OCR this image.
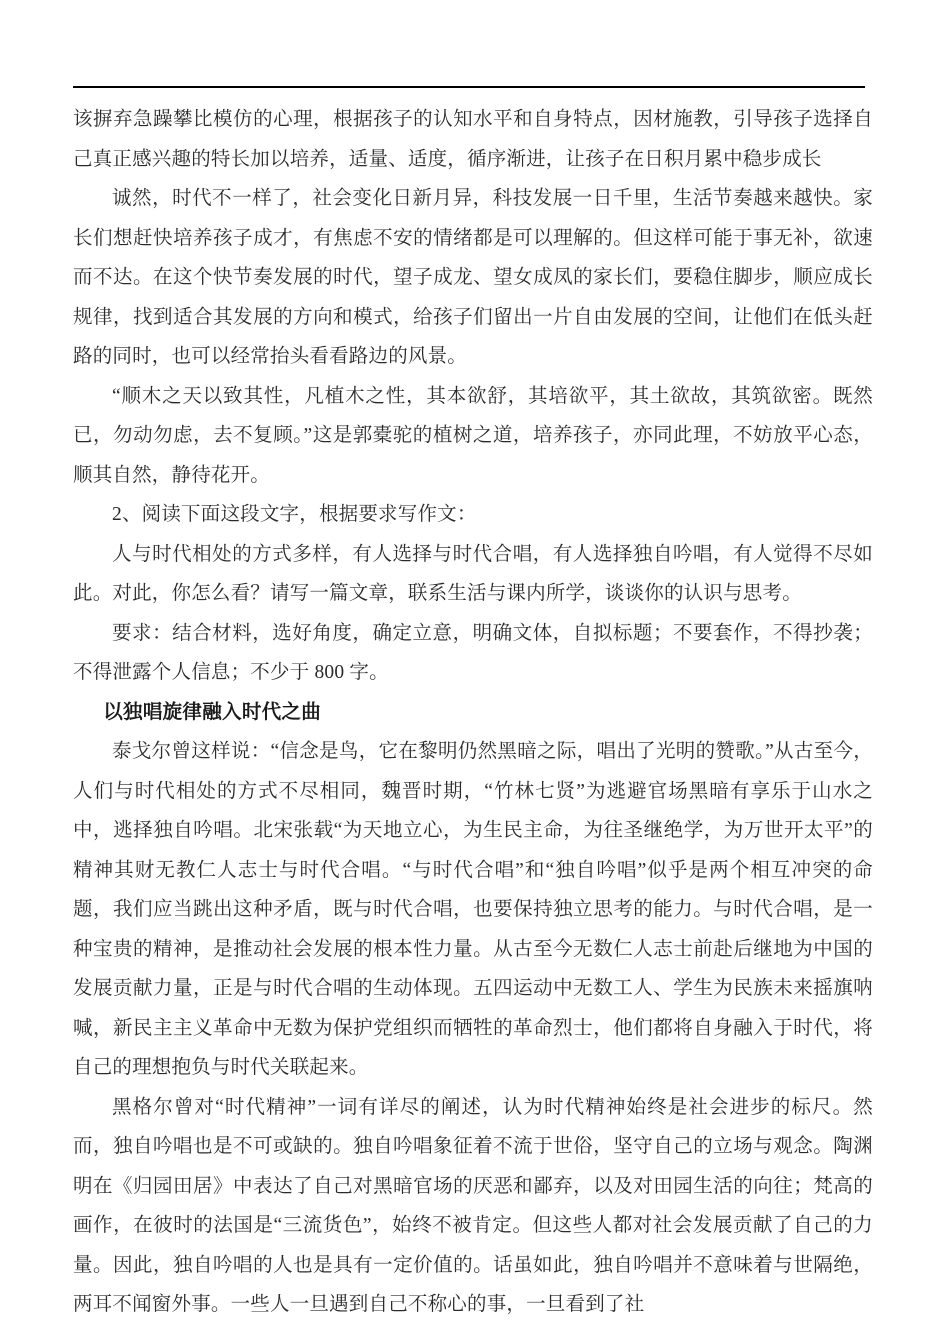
该摒弃急躁攀比模仿的心理，根据孩子的认知水平和自身特点，因材施教，引导孩子选择自己真正感兴趣的特长加以培养，适量、适度，循序渐进，让孩子在日积月累中稳步成长

诚然，时代不一样了，社会变化日新月异，科技发展一日千里，生活节奏越来越快。家长们想赶快培养孩子成才，有焦虑不安的情绪都是可以理解的。但这样可能于事无补，欲速而不达。在这个快节奏发展的时代，望子成龙、望女成凤的家长们，要稳住脚步，顺应成长规律，找到适合其发展的方向和模式，给孩子们留出一片自由发展的空间，让他们在低头赶路的同时，也可以经常抬头看看路边的风景。

“顺木之天以致其性，凡植木之性，其本欲舒，其培欲平，其土欲故，其筑欲密。既然已，勿动勿虑，去不复顾。”这是郭橐驼的植树之道，培养孩子，亦同此理，不妨放平心态，顺其自然，静待花开。

2、阅读下面这段文字，根据要求写作文：

人与时代相处的方式多样，有人选择与时代合唱，有人选择独自吟唱，有人觉得不尽如此。对此，你怎么看？请写一篇文章，联系生活与课内所学，谈谈你的认识与思考。

要求：结合材料，选好角度，确定立意，明确文体，自拟标题；不要套作，不得抄袭；不得泄露个人信息；不少于 800 字。

以独唱旋律融入时代之曲

泰戈尔曾这样说：“信念是鸟，它在黎明仍然黑暗之际，唱出了光明的赞歌。”从古至今，人们与时代相处的方式不尽相同，魏晋时期，“竹林七贤”为逃避官场黑暗有享乐于山水之中，逃择独自吟唱。北宋张载“为天地立心，为生民主命，为往圣继绝学，为万世开太平”的精神其财无教仁人志士与时代合唱。“与时代合唱”和“独自吟唱”似乎是两个相互冲突的命题，我们应当跳出这种矛盾，既与时代合唱，也要保持独立思考的能力。与时代合唱，是一种宝贵的精神，是推动社会发展的根本性力量。从古至今无数仁人志士前赴后继地为中国的发展贡献力量，正是与时代合唱的生动体现。五四运动中无数工人、学生为民族未来摇旗呐喊，新民主主义革命中无数为保护党组织而牺牲的革命烈士，他们都将自身融入于时代，将自己的理想抱负与时代关联起来。

黑格尔曾对“时代精神”一词有详尽的阐述，认为时代精神始终是社会进步的标尺。然而，独自吟唱也是不可或缺的。独自吟唱象征着不流于世俗，坚守自己的立场与观念。陶渊明在《归园田居》中表达了自己对黑暗官场的厌恶和鄙弃，以及对田园生活的向往；梵高的画作，在彼时的法国是“三流货色”，始终不被肯定。但这些人都对社会发展贡献了自己的力量。因此，独自吟唱的人也是具有一定价值的。话虽如此，独自吟唱并不意味着与世隔绝，两耳不闻窗外事。一些人一旦遇到自己不称心的事，一旦看到了社
